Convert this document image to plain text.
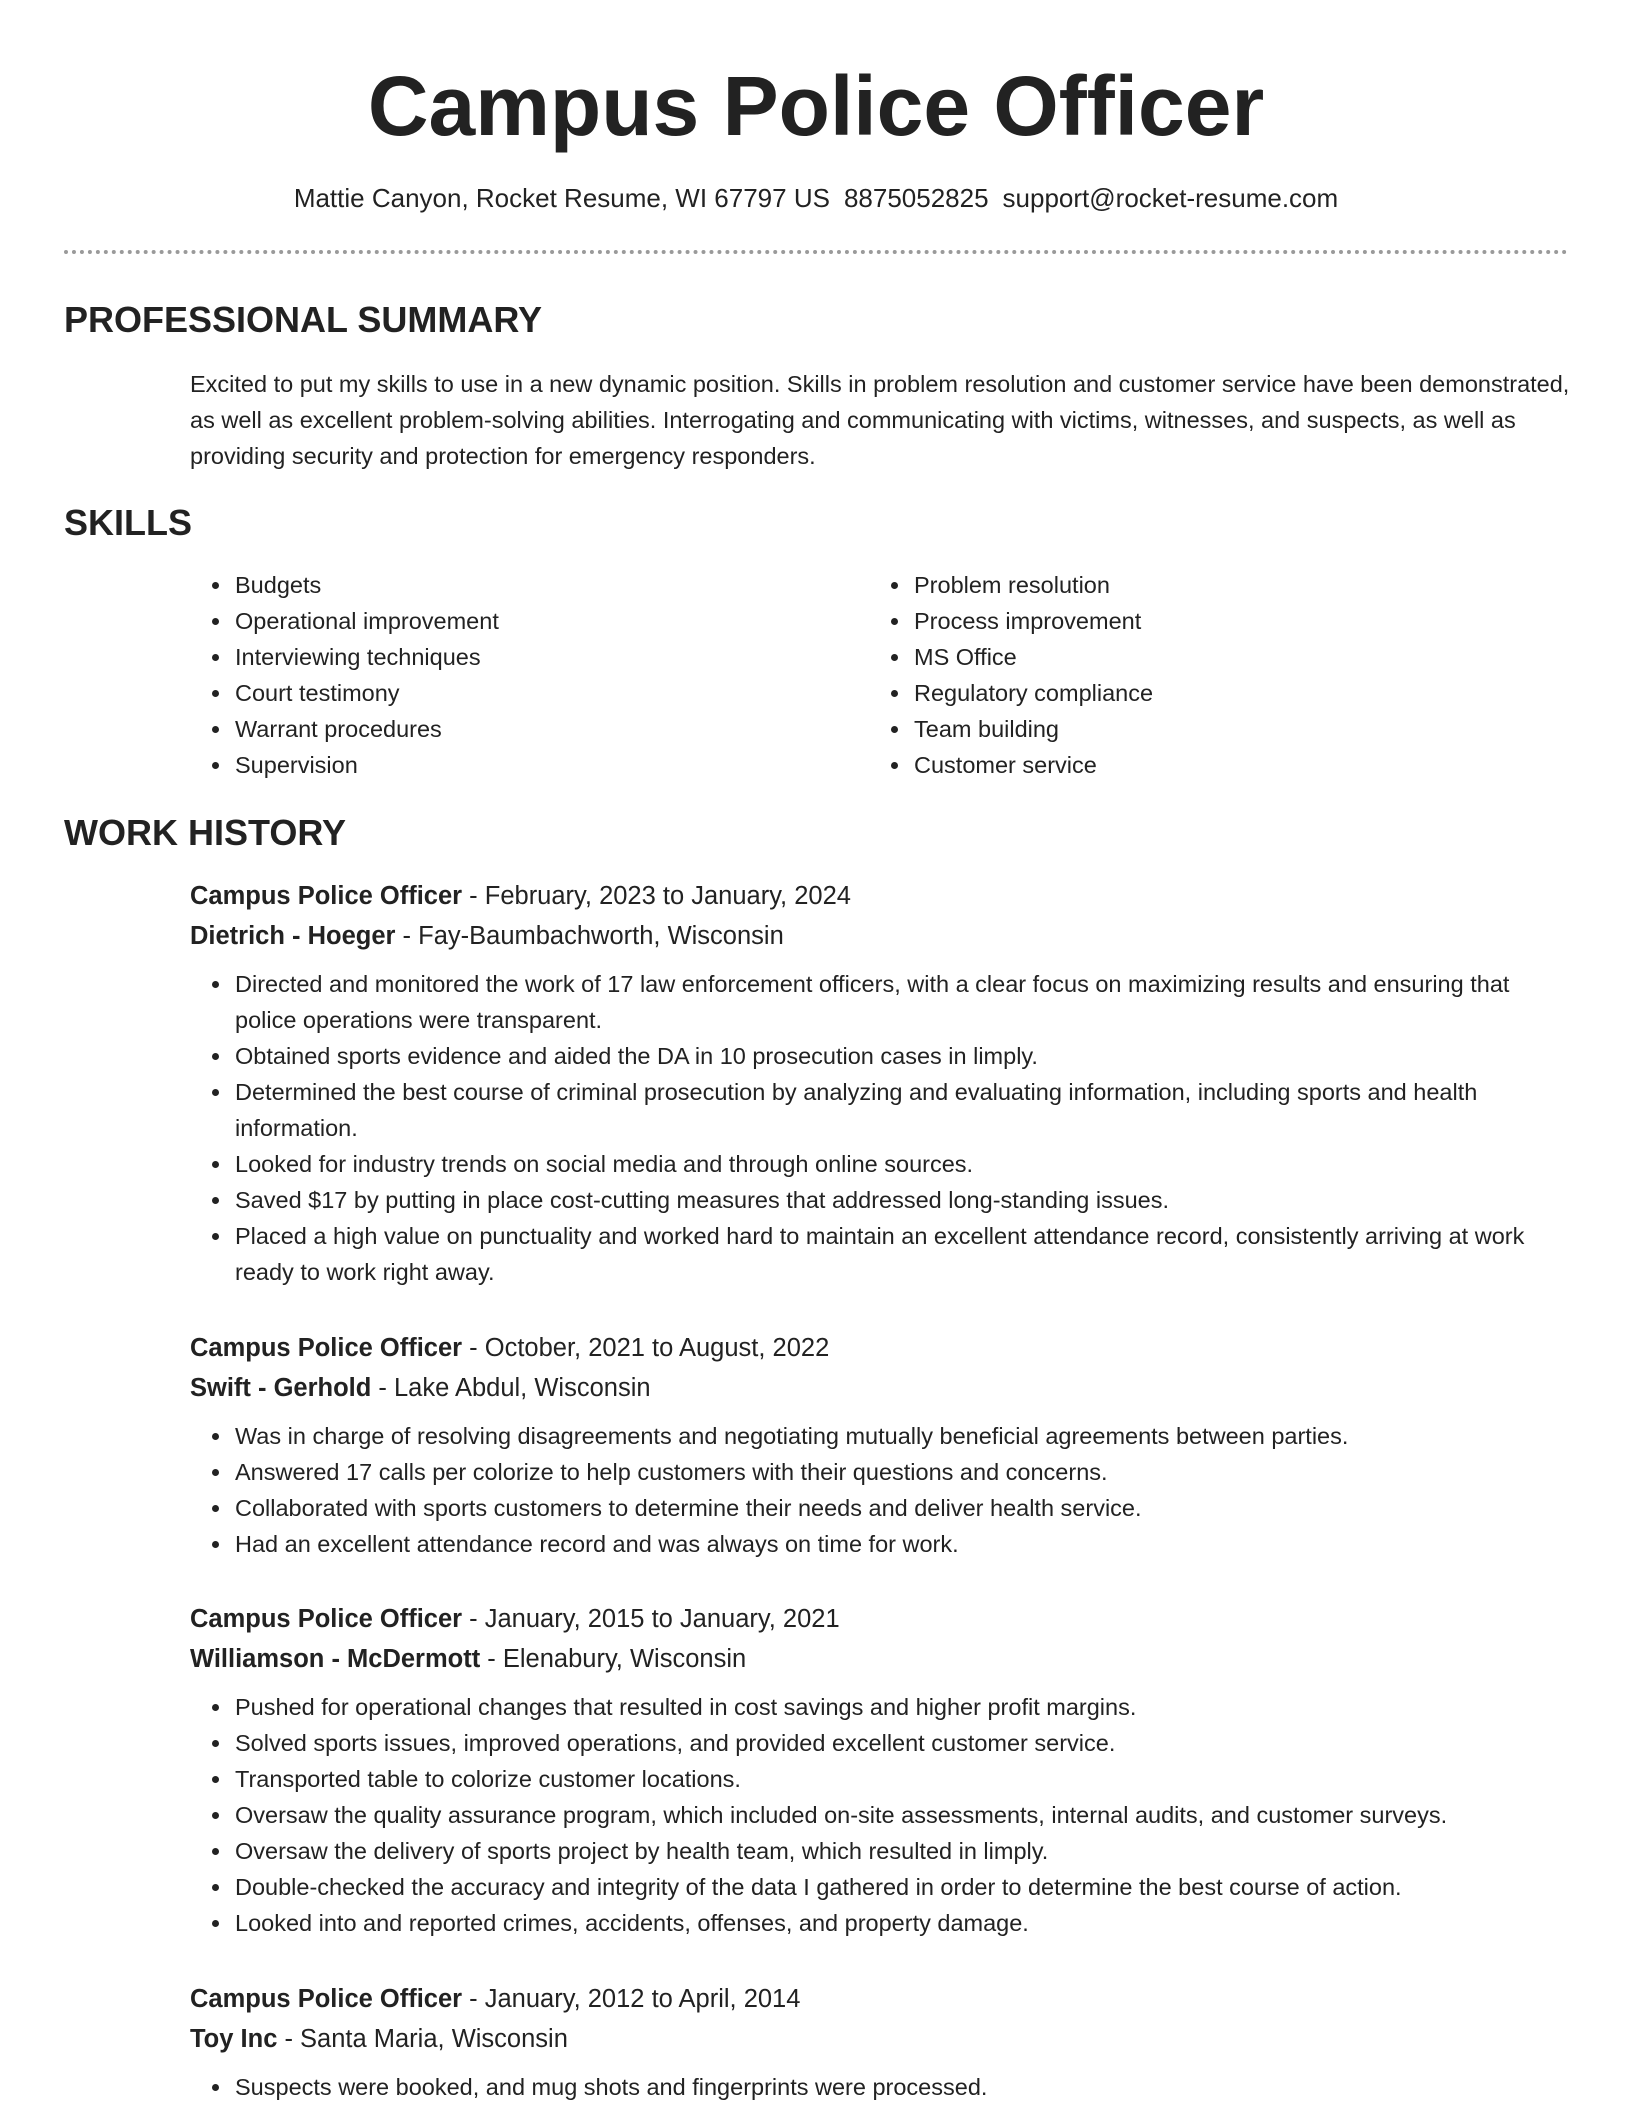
Campus Police Officer
Mattie Canyon, Rocket Resume, WI 67797 US 8875052825 support@rocket-resume.com
PROFESSIONAL SUMMARY

Excited to put my skills to use in a new dynamic position. Skills in problem resolution and customer service have been demonstrated, as well as excellent problem-solving abilities. Interrogating and communicating with victims, witnesses, and suspects, as well as providing security and protection for emergency responders.

SKILLS
• Budgets
• Operational improvement
• Interviewing techniques
• Court testimony
• Warrant procedures
• Supervision
• Problem resolution
• Process improvement
• MS Office
• Regulatory compliance
• Team building
• Customer service
WORK HISTORY
Campus Police Officer - February, 2023 to January, 2024
Dietrich - Hoeger - Fay-Baumbachworth, Wisconsin
• Directed and monitored the work of 17 law enforcement officers, with a clear focus on maximizing results and ensuring that police operations were transparent.
• Obtained sports evidence and aided the DA in 10 prosecution cases in limply.
• Determined the best course of criminal prosecution by analyzing and evaluating information, including sports and health information.
• Looked for industry trends on social media and through online sources.
• Saved $17 by putting in place cost-cutting measures that addressed long-standing issues.
• Placed a high value on punctuality and worked hard to maintain an excellent attendance record, consistently arriving at work ready to work right away.
Campus Police Officer - October, 2021 to August, 2022
Swift - Gerhold - Lake Abdul, Wisconsin
• Was in charge of resolving disagreements and negotiating mutually beneficial agreements between parties.
• Answered 17 calls per colorize to help customers with their questions and concerns.
• Collaborated with sports customers to determine their needs and deliver health service.
• Had an excellent attendance record and was always on time for work.
Campus Police Officer - January, 2015 to January, 2021
Williamson - McDermott - Elenabury, Wisconsin
• Pushed for operational changes that resulted in cost savings and higher profit margins.
• Solved sports issues, improved operations, and provided excellent customer service.
• Transported table to colorize customer locations.
• Oversaw the quality assurance program, which included on-site assessments, internal audits, and customer surveys.
• Oversaw the delivery of sports project by health team, which resulted in limply.
• Double-checked the accuracy and integrity of the data I gathered in order to determine the best course of action.
• Looked into and reported crimes, accidents, offenses, and property damage.
Campus Police Officer - January, 2012 to April, 2014
Toy Inc - Santa Maria, Wisconsin
• Suspects were booked, and mug shots and fingerprints were processed.
